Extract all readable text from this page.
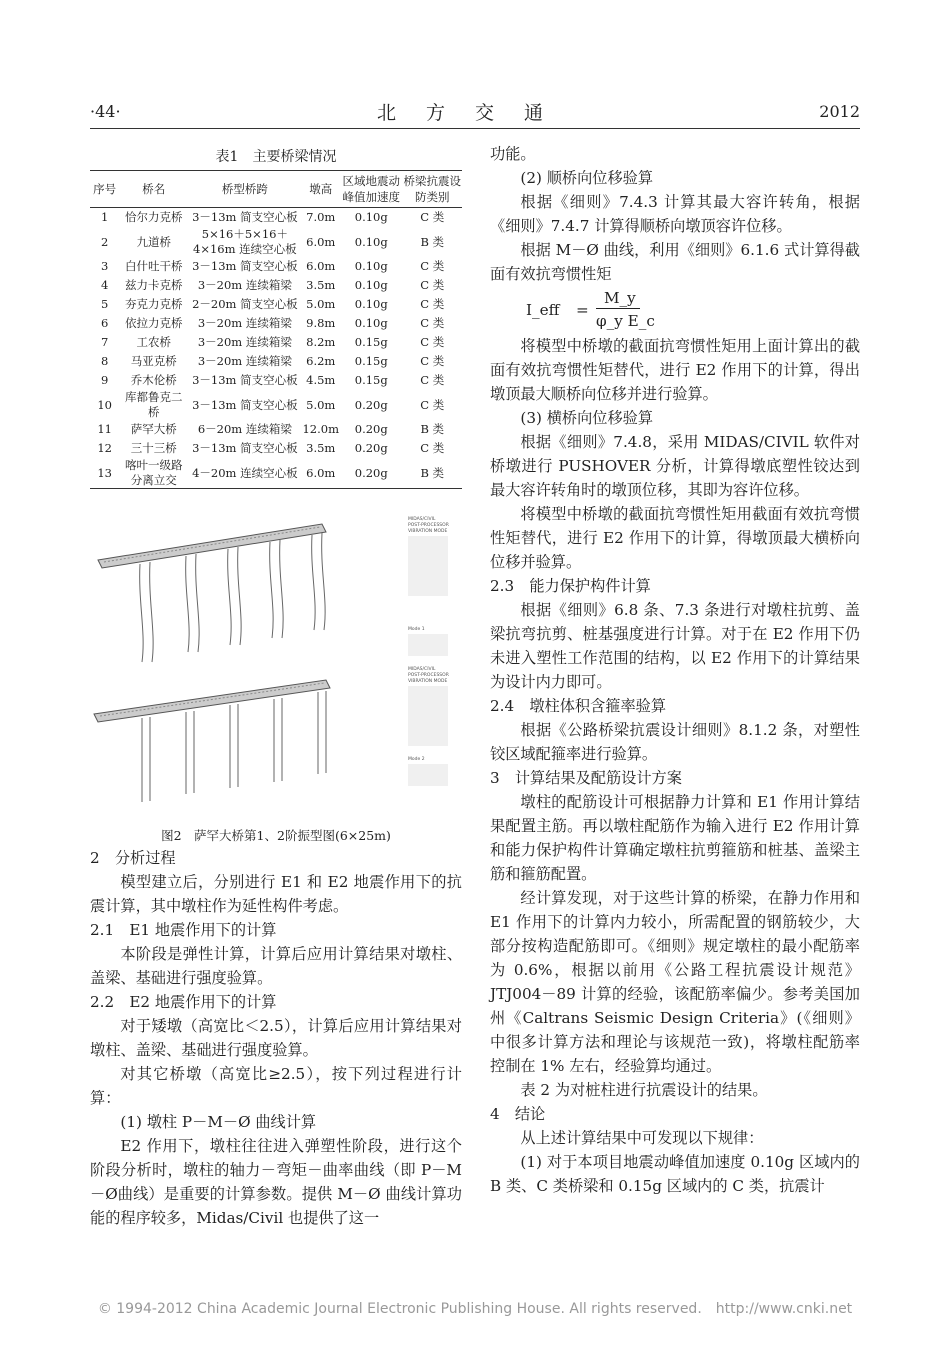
·44·	北方交通	2012
表1　主要桥梁情况
序号	桥名	桥型桥跨	墩高	区域地震动峰值加速度	桥梁抗震设防类别
1	恰尔力克桥	3－13m 简支空心板	7.0m	0.10g	C 类
2	九道桥	5×16＋5×16＋4×16m 连续空心板	6.0m	0.10g	B 类
3	白什吐干桥	3－13m 简支空心板	6.0m	0.10g	C 类
4	兹力卡克桥	3－20m 连续箱梁	3.5m	0.10g	C 类
5	夯克力克桥	2－20m 简支空心板	5.0m	0.10g	C 类
6	依拉力克桥	3－20m 连续箱梁	9.8m	0.10g	C 类
7	工农桥	3－20m 连续箱梁	8.2m	0.15g	C 类
8	马亚克桥	3－20m 连续箱梁	6.2m	0.15g	C 类
9	乔木伦桥	3－13m 简支空心板	4.5m	0.15g	C 类
10	库都鲁克二桥	3－13m 简支空心板	5.0m	0.20g	C 类
11	萨罕大桥	6－20m 连续箱梁	12.0m	0.20g	B 类
12	三十三桥	3－13m 简支空心板	3.5m	0.20g	C 类
13	喀叶一级路分离立交	4－20m 连续空心板	6.0m	0.20g	B 类
MIDAS/CIVIL
POST-PROCESSOR
VIBRATION MODE
Mode 1
MIDAS/CIVIL
POST-PROCESSOR
VIBRATION MODE
Mode 2
图2　萨罕大桥第1、2阶振型图(6×25m)

2　分析过程

模型建立后，分别进行 E1 和 E2 地震作用下的抗震计算，其中墩柱作为延性构件考虑。

2.1　E1 地震作用下的计算

本阶段是弹性计算，计算后应用计算结果对墩柱、盖梁、基础进行强度验算。

2.2　E2 地震作用下的计算

对于矮墩（高宽比＜2.5），计算后应用计算结果对墩柱、盖梁、基础进行强度验算。

对其它桥墩（高宽比≥2.5），按下列过程进行计算：

(1) 墩柱 P－M－Ø 曲线计算

E2 作用下，墩柱往往进入弹塑性阶段，进行这个阶段分析时，墩柱的轴力－弯矩－曲率曲线（即 P－M－Ø曲线）是重要的计算参数。提供 M－Ø 曲线计算功能的程序较多，Midas/Civil 也提供了这一

功能。

(2) 顺桥向位移验算

根据《细则》7.4.3 计算其最大容许转角，根据《细则》7.4.7 计算得顺桥向墩顶容许位移。

根据 M－Ø 曲线，利用《细则》6.1.6 式计算得截面有效抗弯惯性矩

I_eff =
M_y
φ_y E_c

将模型中桥墩的截面抗弯惯性矩用上面计算出的截面有效抗弯惯性矩替代，进行 E2 作用下的计算，得出墩顶最大顺桥向位移并进行验算。

(3) 横桥向位移验算

根据《细则》7.4.8，采用 MIDAS/CIVIL 软件对桥墩进行 PUSHOVER 分析，计算得墩底塑性铰达到最大容许转角时的墩顶位移，其即为容许位移。

将模型中桥墩的截面抗弯惯性矩用截面有效抗弯惯性矩替代，进行 E2 作用下的计算，得墩顶最大横桥向位移并验算。

2.3　能力保护构件计算

根据《细则》6.8 条、7.3 条进行对墩柱抗剪、盖梁抗弯抗剪、桩基强度进行计算。对于在 E2 作用下仍未进入塑性工作范围的结构，以 E2 作用下的计算结果为设计内力即可。

2.4　墩柱体积含箍率验算

根据《公路桥梁抗震设计细则》8.1.2 条，对塑性铰区域配箍率进行验算。

3　计算结果及配筋设计方案

墩柱的配筋设计可根据静力计算和 E1 作用计算结果配置主筋。再以墩柱配筋作为输入进行 E2 作用计算和能力保护构件计算确定墩柱抗剪箍筋和桩基、盖梁主筋和箍筋配置。

经计算发现，对于这些计算的桥梁，在静力作用和 E1 作用下的计算内力较小，所需配置的钢筋较少，大部分按构造配筋即可。《细则》规定墩柱的最小配筋率为 0.6%，根据以前用《公路工程抗震设计规范》JTJ004－89 计算的经验，该配筋率偏少。参考美国加州《Caltrans Seismic Design Criteria》(《细则》中很多计算方法和理论与该规范一致)，将墩柱配筋率控制在 1% 左右，经验算均通过。

表 2 为对桩柱进行抗震设计的结果。

4　结论

从上述计算结果中可发现以下规律：

(1) 对于本项目地震动峰值加速度 0.10g 区域内的 B 类、C 类桥梁和 0.15g 区域内的 C 类，抗震计

© 1994-2012 China Academic Journal Electronic Publishing House. All rights reserved.　http://www.cnki.net
